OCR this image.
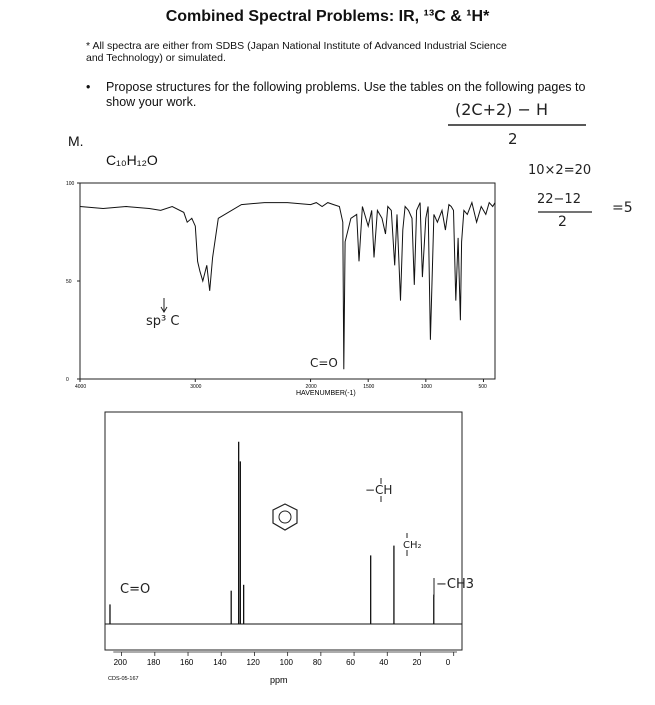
Combined Spectral Problems: IR, ¹³C & ¹H*
* All spectra are either from SDBS (Japan National Institute of Advanced Industrial Science and Technology) or simulated.
• Propose structures for the following problems. Use the tables on the following pages to show your work.
M.
C₁₀H₁₂O
(2C+2) − H
2
10×2=20
22−12
2
=5
sp³ C
C=O
C=O
−CH
CH₂
−CH3
100
50
0
4000	3000	2000	1500	1000	500
HAVENUMBER(-1)
200 180 160 140 120 100 80	60	40	20	0
ppm
CDS-05-167
